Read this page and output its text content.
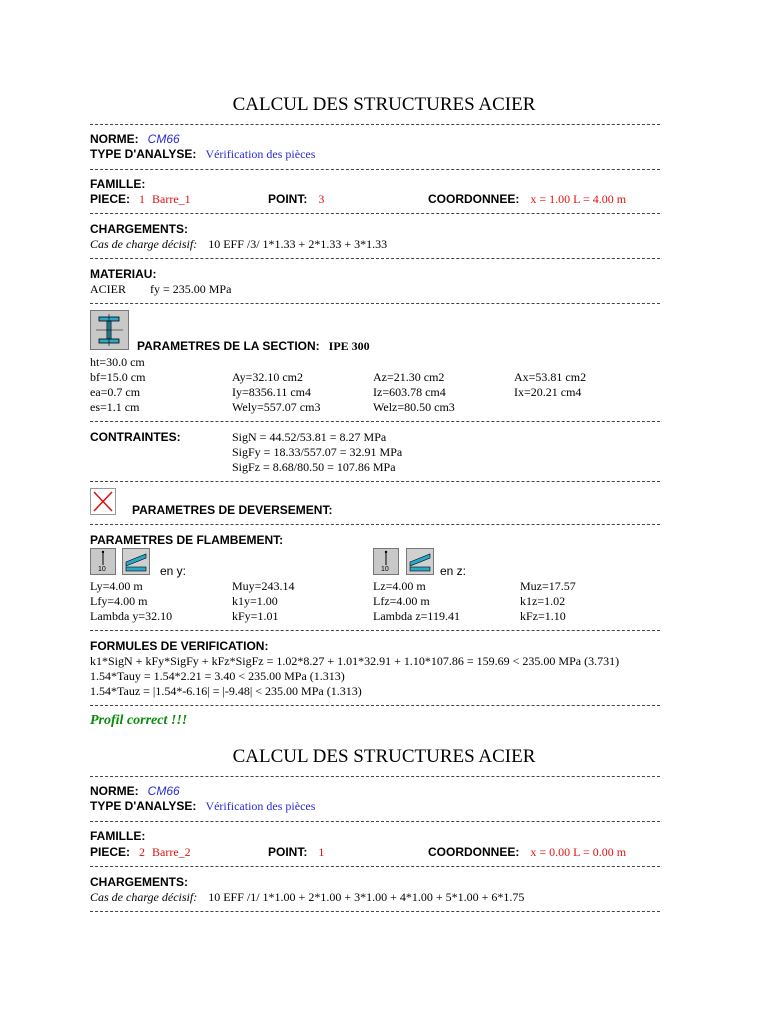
CALCUL DES STRUCTURES ACIER
NORME: CM66
TYPE D'ANALYSE: Vérification des pièces
FAMILLE:
PIECE: 1 Barre_1	POINT: 3	COORDONNEE: x = 1.00 L = 4.00 m
CHARGEMENTS:
Cas de charge décisif: 10 EFF /3/ 1*1.33 + 2*1.33 + 3*1.33
MATERIAU:
ACIER fy = 235.00 MPa
PARAMETRES DE LA SECTION: IPE 300
ht=30.0 cm
bf=15.0 cm	Ay=32.10 cm2	Az=21.30 cm2	Ax=53.81 cm2
ea=0.7 cm	Iy=8356.11 cm4	Iz=603.78 cm4	Ix=20.21 cm4
es=1.1 cm	Wely=557.07 cm3	Welz=80.50 cm3
CONTRAINTES:	SigN = 44.52/53.81 = 8.27 MPa
SigFy = 18.33/557.07 = 32.91 MPa
SigFz = 8.68/80.50 = 107.86 MPa
PARAMETRES DE DEVERSEMENT:
PARAMETRES DE FLAMBEMENT:
10	en y:	10	en z:
Ly=4.00 m	Muy=243.14	Lz=4.00 m	Muz=17.57
Lfy=4.00 m	k1y=1.00	Lfz=4.00 m	k1z=1.02
Lambda y=32.10	kFy=1.01	Lambda z=119.41	kFz=1.10
FORMULES DE VERIFICATION:
k1*SigN + kFy*SigFy + kFz*SigFz = 1.02*8.27 + 1.01*32.91 + 1.10*107.86 = 159.69 < 235.00 MPa (3.731)
1.54*Tauy = 1.54*2.21 = 3.40 < 235.00 MPa (1.313)
1.54*Tauz = |1.54*-6.16| = |-9.48| < 235.00 MPa (1.313)
Profil correct !!!
CALCUL DES STRUCTURES ACIER
NORME: CM66
TYPE D'ANALYSE: Vérification des pièces
FAMILLE:
PIECE: 2 Barre_2	POINT: 1	COORDONNEE: x = 0.00 L = 0.00 m
CHARGEMENTS:
Cas de charge décisif: 10 EFF /1/ 1*1.00 + 2*1.00 + 3*1.00 + 4*1.00 + 5*1.00 + 6*1.75
